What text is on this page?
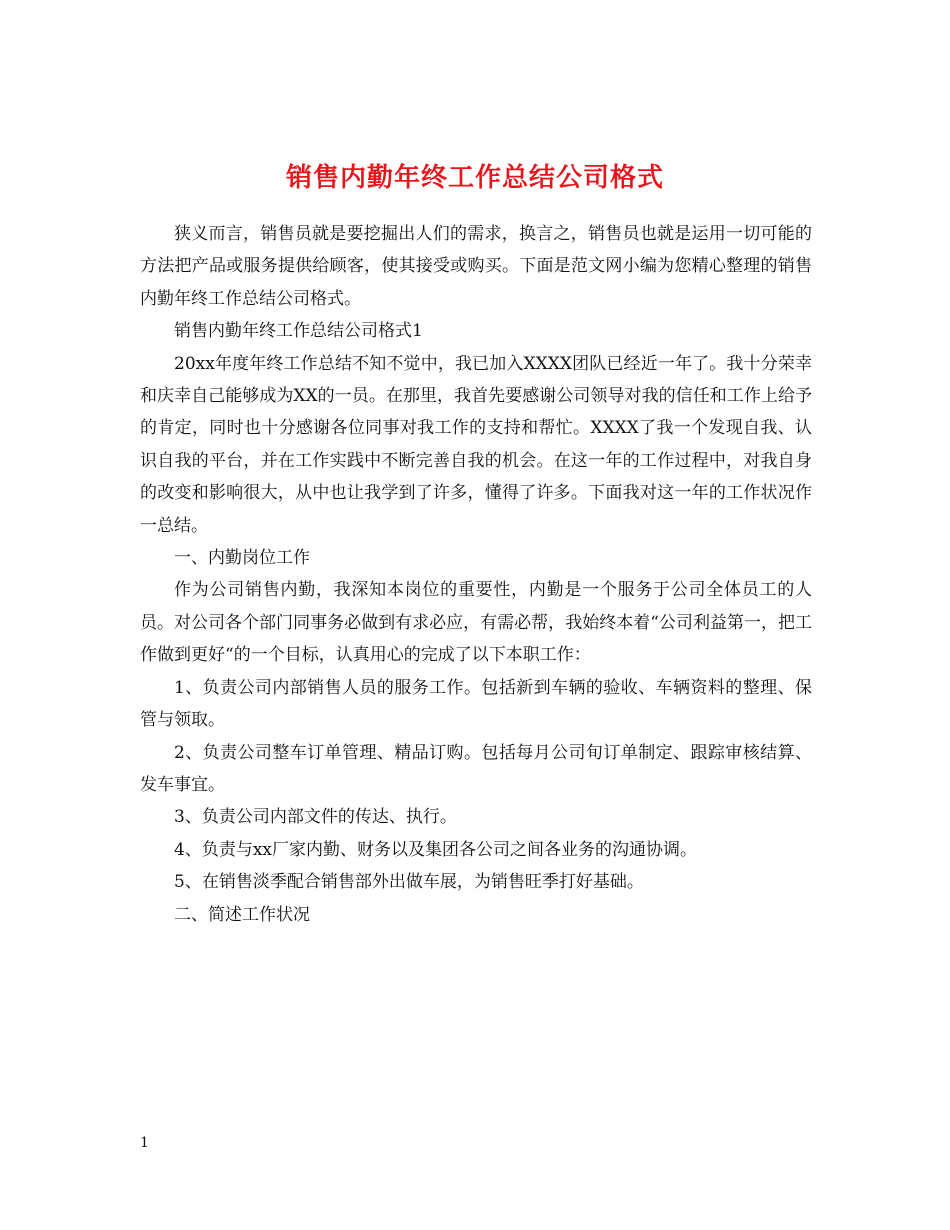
销售内勤年终工作总结公司格式

狭义而言，销售员就是要挖掘出人们的需求，换言之，销售员也就是运用一切可能的方法把产品或服务提供给顾客，使其接受或购买。下面是范文网小编为您精心整理的销售内勤年终工作总结公司格式。

销售内勤年终工作总结公司格式1

20xx年度年终工作总结不知不觉中，我已加入XXXX团队已经近一年了。我十分荣幸和庆幸自己能够成为XX的一员。在那里，我首先要感谢公司领导对我的信任和工作上给予的肯定，同时也十分感谢各位同事对我工作的支持和帮忙。XXXX了我一个发现自我、认识自我的平台，并在工作实践中不断完善自我的机会。在这一年的工作过程中，对我自身的改变和影响很大，从中也让我学到了许多，懂得了许多。下面我对这一年的工作状况作一总结。

一、内勤岗位工作

作为公司销售内勤，我深知本岗位的重要性，内勤是一个服务于公司全体员工的人员。对公司各个部门同事务必做到有求必应，有需必帮，我始终本着“公司利益第一，把工作做到更好“的一个目标，认真用心的完成了以下本职工作：

1、负责公司内部销售人员的服务工作。包括新到车辆的验收、车辆资料的整理、保管与领取。

2、负责公司整车订单管理、精品订购。包括每月公司旬订单制定、跟踪审核结算、发车事宜。

3、负责公司内部文件的传达、执行。

4、负责与xx厂家内勤、财务以及集团各公司之间各业务的沟通协调。

5、在销售淡季配合销售部外出做车展，为销售旺季打好基础。

二、简述工作状况

1
